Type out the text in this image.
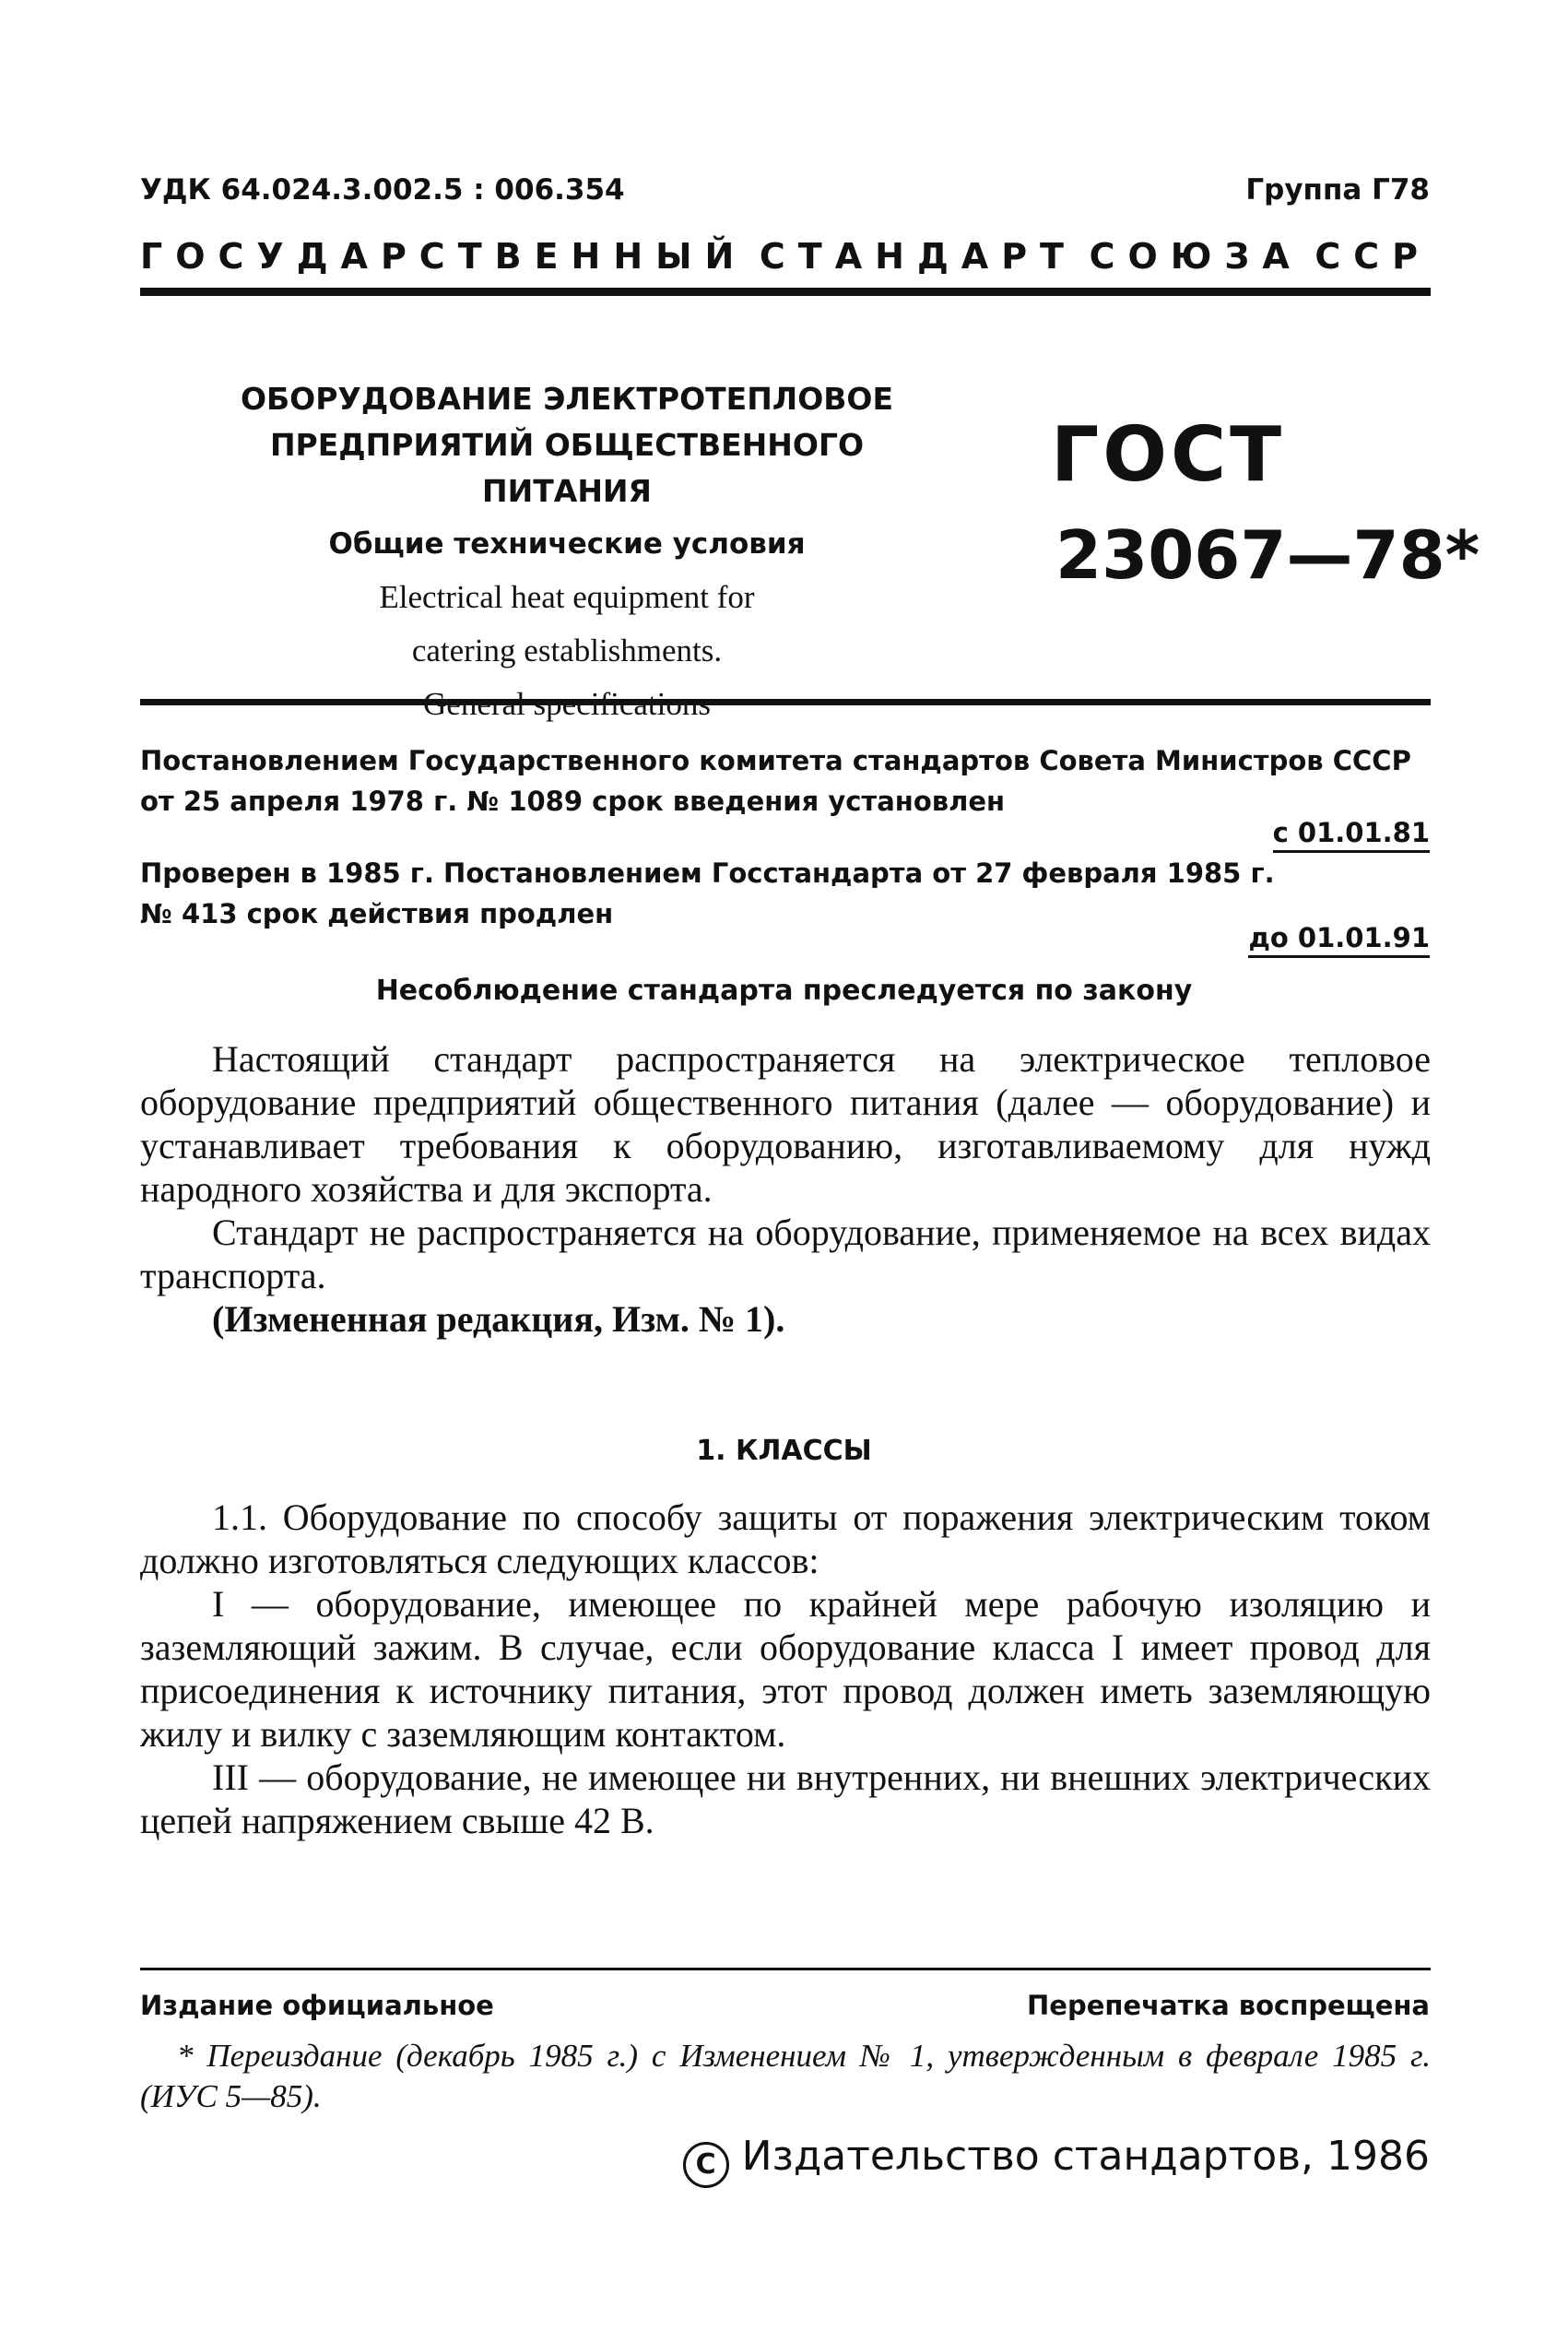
УДК 64.024.3.002.5 : 006.354	Группа Г78
ГОСУДАРСТВЕННЫЙ СТАНДАРТ СОЮЗА ССР
ОБОРУДОВАНИЕ ЭЛЕКТРОТЕПЛОВОЕ
ПРЕДПРИЯТИЙ ОБЩЕСТВЕННОГО ПИТАНИЯ
Общие технические условия
Electrical heat equipment for
catering establishments.
ГОСТ
23067—78*
Постановлением Государственного комитета стандартов Совета Министров СССР
от 25 апреля 1978 г. № 1089 срок введения установлен
с 01.01.81
Проверен в 1985 г. Постановлением Госстандарта от 27 февраля 1985 г.
№ 413 срок действия продлен
до 01.01.91
Несоблюдение стандарта преследуется по закону

Настоящий стандарт распространяется на электрическое тепловое оборудование предприятий общественного питания (далее — оборудование) и устанавливает требования к оборудованию, изготавливаемому для нужд народного хозяйства и для экспорта.

Стандарт не распространяется на оборудование, применяемое на всех видах транспорта.

(Измененная редакция, Изм. № 1).

1. КЛАССЫ

1.1. Оборудование по способу защиты от поражения электрическим током должно изготовляться следующих классов:

I — оборудование, имеющее по крайней мере рабочую изоляцию и заземляющий зажим. В случае, если оборудование класса I имеет провод для присоединения к источнику питания, этот провод должен иметь заземляющую жилу и вилку с заземляющим контактом.

III — оборудование, не имеющее ни внутренних, ни внешних электрических цепей напряжением свыше 42 В.

Издание официальное	Перепечатка воспрещена

* Переиздание (декабрь 1985 г.) с Изменением № 1, утвержденным в феврале 1985 г. (ИУС 5—85).

С Издательство стандартов, 1986
